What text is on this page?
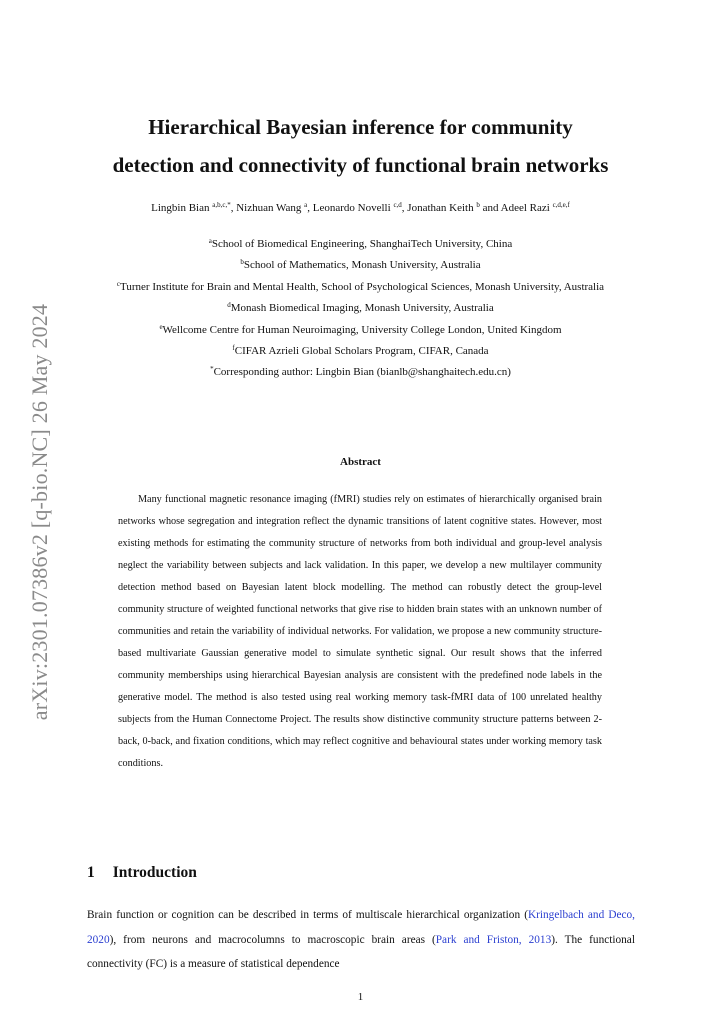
arXiv:2301.07386v2 [q-bio.NC] 26 May 2024
Hierarchical Bayesian inference for community
detection and connectivity of functional brain networks
Lingbin Bian $^{a,b,c,*}$, Nizhuan Wang $^a$, Leonardo Novelli $^{c,d}$, Jonathan Keith $^b$ and Adeel Razi $^{c,d,e,f}$
$^a$School of Biomedical Engineering, ShanghaiTech University, China
$^b$School of Mathematics, Monash University, Australia
$^c$Turner Institute for Brain and Mental Health, School of Psychological Sciences, Monash University, Australia
$^d$Monash Biomedical Imaging, Monash University, Australia
$^e$Wellcome Centre for Human Neuroimaging, University College London, United Kingdom
$^f$CIFAR Azrieli Global Scholars Program, CIFAR, Canada
*Corresponding author: Lingbin Bian (bianlb@shanghaitech.edu.cn)
Abstract

Many functional magnetic resonance imaging (fMRI) studies rely on estimates of hierarchically organised brain networks whose segregation and integration reflect the dynamic transitions of latent cognitive states. However, most existing methods for estimating the community structure of networks from both individual and group-level analysis neglect the variability between subjects and lack validation. In this paper, we develop a new multilayer community detection method based on Bayesian latent block modelling. The method can robustly detect the group-level community structure of weighted functional networks that give rise to hidden brain states with an unknown number of communities and retain the variability of individual networks. For validation, we propose a new community structure-based multivariate Gaussian generative model to simulate synthetic signal. Our result shows that the inferred community memberships using hierarchical Bayesian analysis are consistent with the predefined node labels in the generative model. The method is also tested using real working memory task-fMRI data of 100 unrelated healthy subjects from the Human Connectome Project. The results show distinctive community structure patterns between 2-back, 0-back, and fixation conditions, which may reflect cognitive and behavioural states under working memory task conditions.

1 Introduction

Brain function or cognition can be described in terms of multiscale hierarchical organization (Kringelbach and Deco, 2020), from neurons and macrocolumns to macroscopic brain areas (Park and Friston, 2013). The functional connectivity (FC) is a measure of statistical dependence

1
